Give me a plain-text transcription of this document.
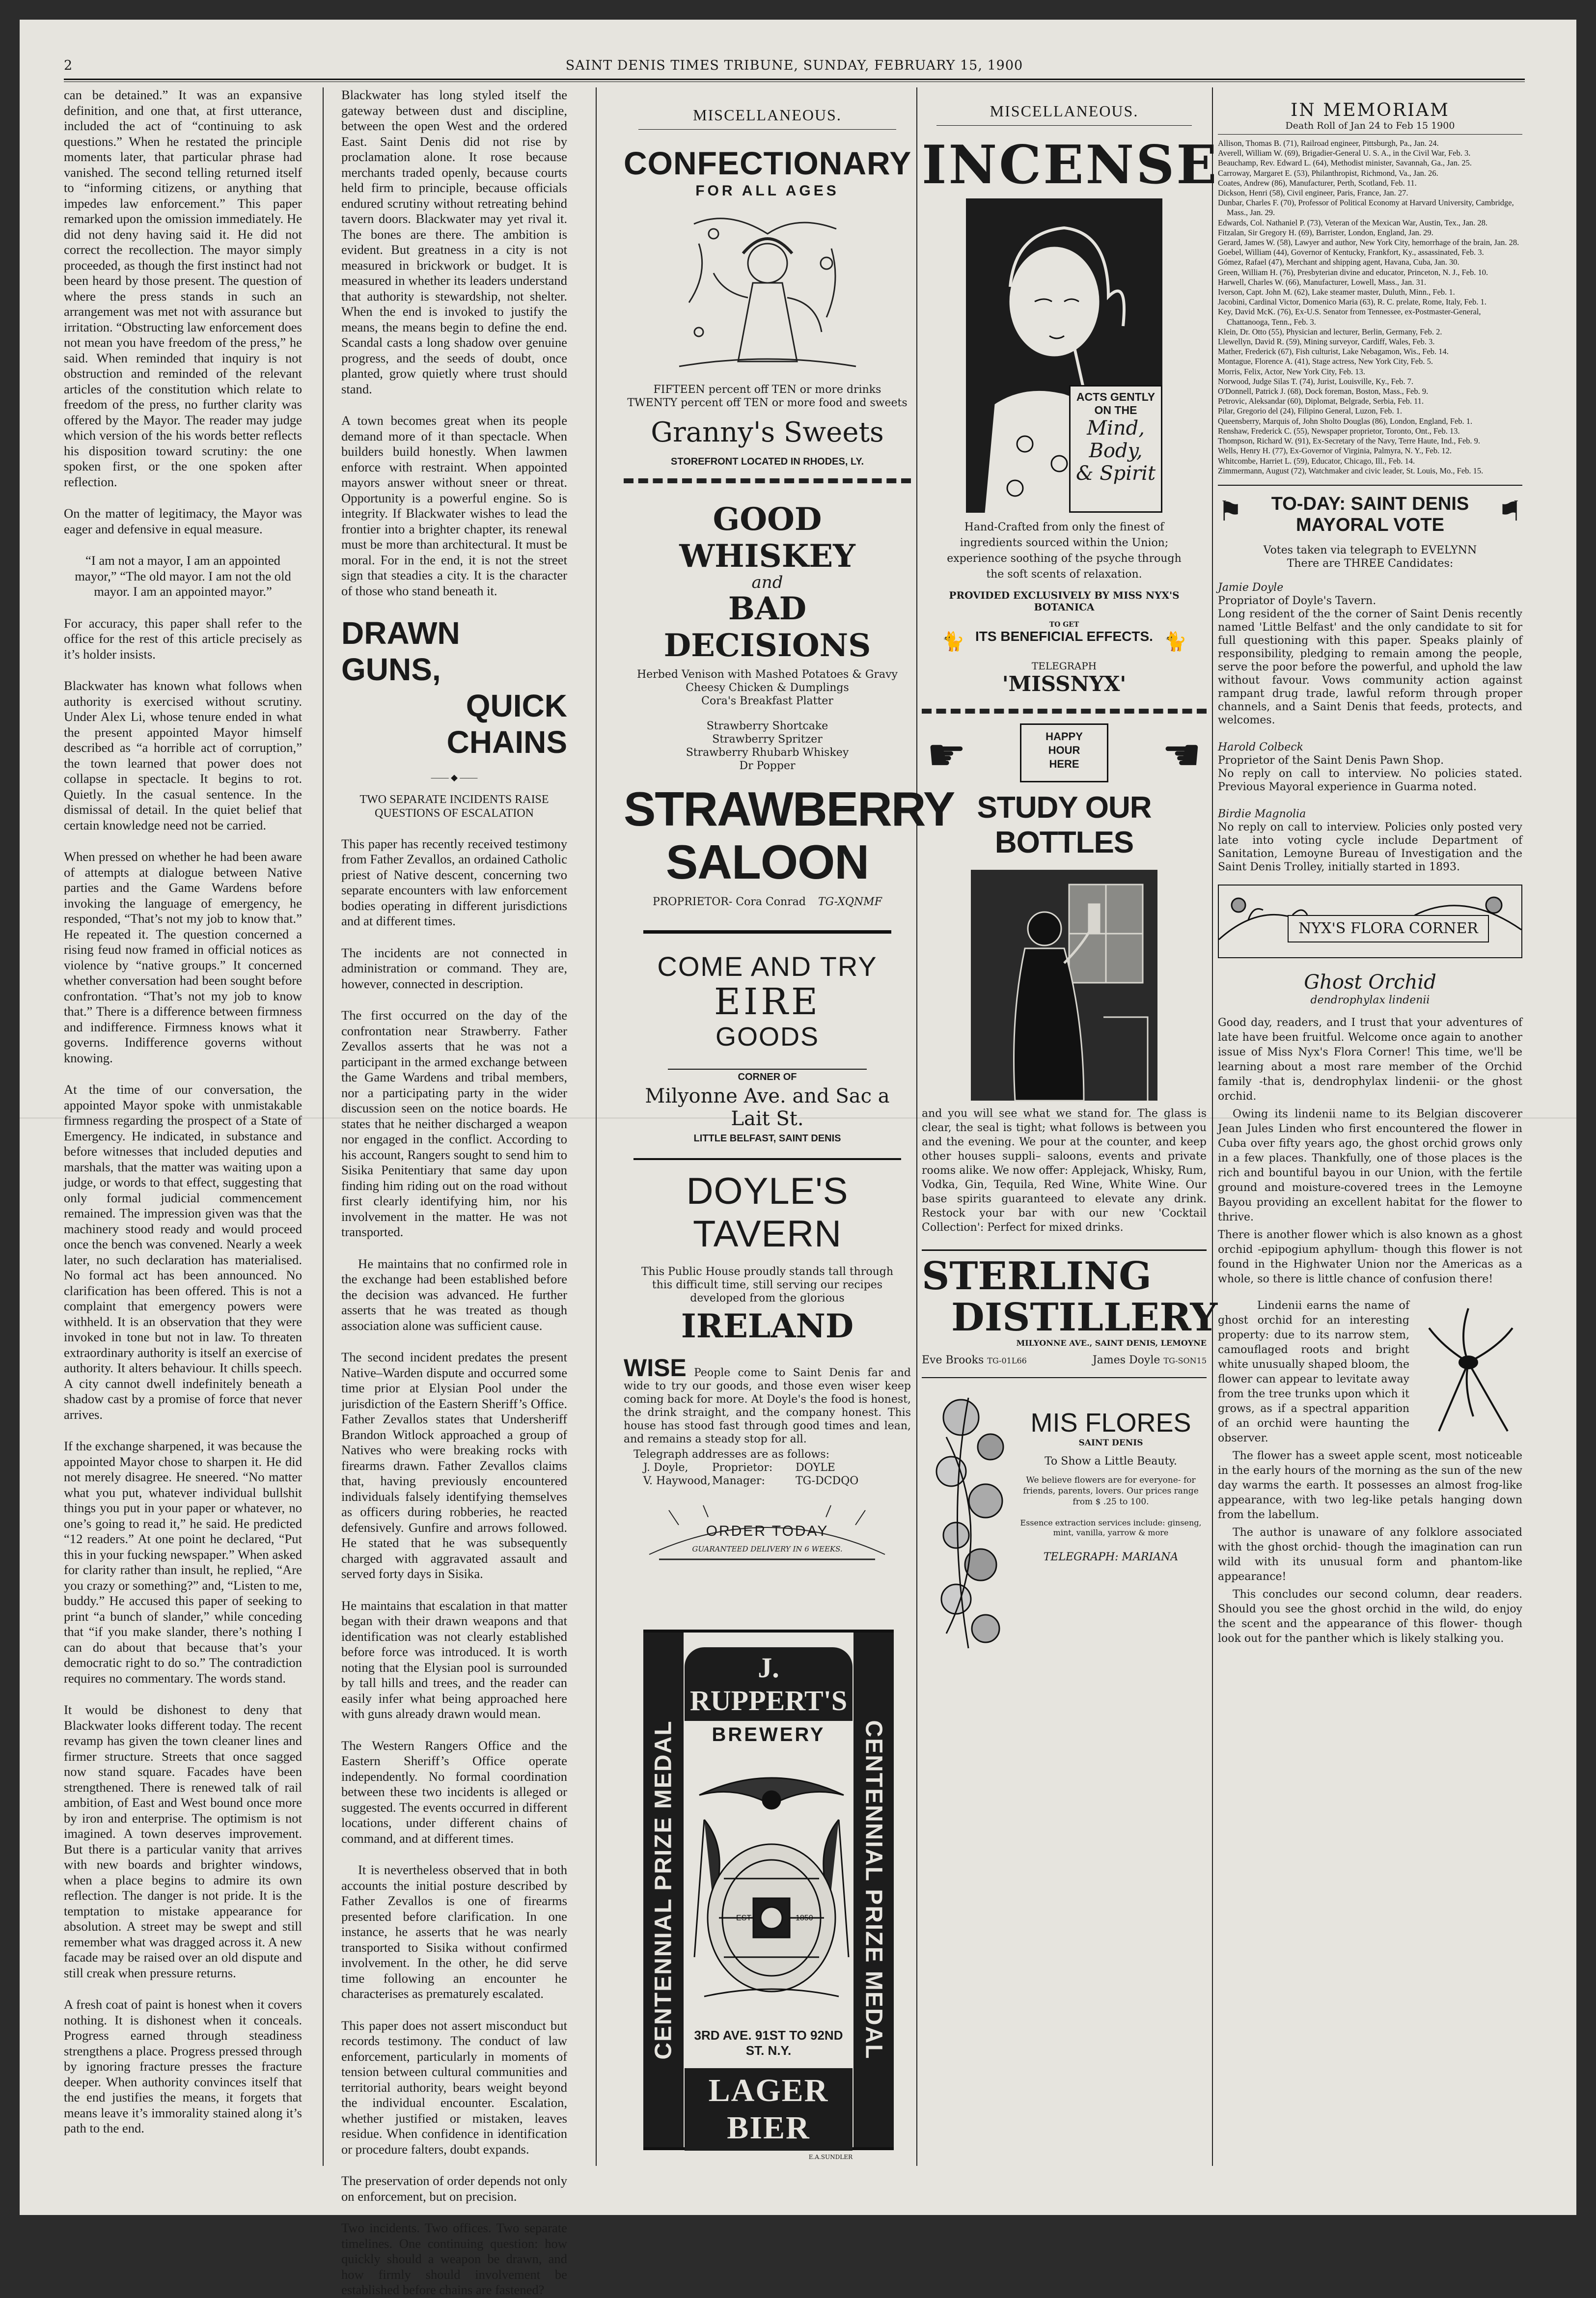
2	SAINT DENIS TIMES TRIBUNE, SUNDAY, FEBRUARY 15, 1900

can be detained.” It was an expansive definition, and one that, at first utterance, included the act of “continuing to ask questions.” When he restated the principle moments later, that particular phrase had vanished. The second telling returned itself to “informing citizens, or anything that impedes law enforcement.” This paper remarked upon the omission immediately. He did not deny having said it. He did not correct the recollection. The mayor simply proceeded, as though the first instinct had not been heard by those present. The question of where the press stands in such an arrangement was met not with assurance but irritation. “Obstructing law enforcement does not mean you have freedom of the press,” he said. When reminded that inquiry is not obstruction and reminded of the relevant articles of the constitution which relate to freedom of the press, no further clarity was offered by the Mayor. The reader may judge which version of the his words better reflects his disposition toward scrutiny: the one spoken first, or the one spoken after reflection.

On the matter of legitimacy, the Mayor was eager and defensive in equal measure.

“I am not a mayor, I am an appointed mayor,” “The old mayor. I am not the old mayor. I am an appointed mayor.”

For accuracy, this paper shall refer to the office for the rest of this article precisely as it’s holder insists.

Blackwater has known what follows when authority is exercised without scrutiny. Under Alex Li, whose tenure ended in what the present appointed Mayor himself described as “a horrible act of corruption,” the town learned that power does not collapse in spectacle. It begins to rot. Quietly. In the casual sentence. In the dismissal of detail. In the quiet belief that certain knowledge need not be carried.

When pressed on whether he had been aware of attempts at dialogue between Native parties and the Game Wardens before invoking the language of emergency, he responded, “That’s not my job to know that.” He repeated it. The question concerned a rising feud now framed in official notices as violence by “native groups.” It concerned whether conversation had been sought before confrontation. “That’s not my job to know that.” There is a difference between firmness and indifference. Firmness knows what it governs. Indifference governs without knowing.

At the time of our conversation, the appointed Mayor spoke with unmistakable firmness regarding the prospect of a State of Emergency. He indicated, in substance and before witnesses that included deputies and marshals, that the matter was waiting upon a judge, or words to that effect, suggesting that only formal judicial commencement remained. The impression given was that the machinery stood ready and would proceed once the bench was convened. Nearly a week later, no such declaration has materialised. No formal act has been announced. No clarification has been offered. This is not a complaint that emergency powers were withheld. It is an observation that they were invoked in tone but not in law. To threaten extraordinary authority is itself an exercise of authority. It alters behaviour. It chills speech. A city cannot dwell indefinitely beneath a shadow cast by a promise of force that never arrives.

If the exchange sharpened, it was because the appointed Mayor chose to sharpen it. He did not merely disagree. He sneered. “No matter what you put, whatever individual bullshit things you put in your paper or whatever, no one’s going to read it,” he said. He predicted “12 readers.” At one point he declared, “Put this in your fucking newspaper.” When asked for clarity rather than insult, he replied, “Are you crazy or something?” and, “Listen to me, buddy.” He accused this paper of seeking to print “a bunch of slander,” while conceding that “if you make slander, there’s nothing I can do about that because that’s your democratic right to do so.” The contradiction requires no commentary. The words stand.

It would be dishonest to deny that Blackwater looks different today. The recent revamp has given the town cleaner lines and firmer structure. Streets that once sagged now stand square. Facades have been strengthened. There is renewed talk of rail ambition, of East and West bound once more by iron and enterprise. The optimism is not imagined. A town deserves improvement. But there is a particular vanity that arrives with new boards and brighter windows, when a place begins to admire its own reflection. The danger is not pride. It is the temptation to mistake appearance for absolution. A street may be swept and still remember what was dragged across it. A new facade may be raised over an old dispute and still creak when pressure returns.

A fresh coat of paint is honest when it covers nothing. It is dishonest when it conceals. Progress earned through steadiness strengthens a place. Progress pressed through by ignoring fracture presses the fracture deeper. When authority convinces itself that the end justifies the means, it forgets that means leave it’s immorality stained along it’s path to the end.

Blackwater has long styled itself the gateway between dust and discipline, between the open West and the ordered East. Saint Denis did not rise by proclamation alone. It rose because merchants traded openly, because courts held firm to principle, because officials endured scrutiny without retreating behind tavern doors. Blackwater may yet rival it. The bones are there. The ambition is evident. But greatness in a city is not measured in brickwork or budget. It is measured in whether its leaders understand that authority is stewardship, not shelter. When the end is invoked to justify the means, the means begin to define the end. Scandal casts a long shadow over genuine progress, and the seeds of doubt, once planted, grow quietly where trust should stand.

A town becomes great when its people demand more of it than spectacle. When builders build honestly. When lawmen enforce with restraint. When appointed mayors answer without sneer or threat. Opportunity is a powerful engine. So is integrity. If Blackwater wishes to lead the frontier into a brighter chapter, its renewal must be more than architectural. It must be moral. For in the end, it is not the street sign that steadies a city. It is the character of those who stand beneath it.

DRAWN GUNS,
QUICK CHAINS
—— ◆ ——

TWO SEPARATE INCIDENTS RAISE QUESTIONS OF ESCALATION

This paper has recently received testimony from Father Zevallos, an ordained Catholic priest of Native descent, concerning two separate encounters with law enforcement bodies operating in different jurisdictions and at different times.

The incidents are not connected in administration or command. They are, however, connected in description.

The first occurred on the day of the confrontation near Strawberry. Father Zevallos asserts that he was not a participant in the armed exchange between the Game Wardens and tribal members, nor a participating party in the wider discussion seen on the notice boards. He states that he neither discharged a weapon nor engaged in the conflict. According to his account, Rangers sought to send him to Sisika Penitentiary that same day upon finding him riding out on the road without first clearly identifying him, nor his involvement in the matter. He was not transported.

He maintains that no confirmed role in the exchange had been established before the decision was advanced. He further asserts that he was treated as though association alone was sufficient cause.

The second incident predates the present Native–Warden dispute and occurred some time prior at Elysian Pool under the jurisdiction of the Eastern Sheriff’s Office. Father Zevallos states that Undersheriff Brandon Witlock approached a group of Natives who were breaking rocks with firearms drawn. Father Zevallos claims that, having previously encountered individuals falsely identifying themselves as officers during robberies, he reacted defensively. Gunfire and arrows followed. He stated that he was subsequently charged with aggravated assault and served forty days in Sisika.

He maintains that escalation in that matter began with their drawn weapons and that identification was not clearly established before force was introduced. It is worth noting that the Elysian pool is surrounded by tall hills and trees, and the reader can easily infer what being approached here with guns already drawn would mean.

The Western Rangers Office and the Eastern Sheriff’s Office operate independently. No formal coordination between these two incidents is alleged or suggested. The events occurred in different locations, under different chains of command, and at different times.

It is nevertheless observed that in both accounts the initial posture described by Father Zevallos is one of firearms presented before clarification. In one instance, he asserts that he was nearly transported to Sisika without confirmed involvement. In the other, he did serve time following an encounter he characterises as prematurely escalated.

This paper does not assert misconduct but records testimony. The conduct of law enforcement, particularly in moments of tension between cultural communities and territorial authority, bears weight beyond the individual encounter. Escalation, whether justified or mistaken, leaves residue. When confidence in identification or procedure falters, doubt expands.

The preservation of order depends not only on enforcement, but on precision.

Two incidents. Two offices. Two separate timelines. One continuing question: how quickly should a weapon be drawn, and how firmly should involvement be established before chains are fastened?

MISCELLANEOUS.
CONFECTIONARY
FOR ALL AGES
FIFTEEN percent off TEN or more drinks
TWENTY percent off TEN or more food and sweets
Granny's Sweets
STOREFRONT LOCATED IN RHODES, LY.
GOOD WHISKEY
and
BAD DECISIONS
Herbed Venison with Mashed Potatoes & Gravy
Cheesy Chicken & Dumplings
Cora's Breakfast Platter
Strawberry Shortcake
Strawberry Spritzer
Strawberry Rhubarb Whiskey
Dr Popper
STRAWBERRY
SALOON
PROPRIETOR- Cora Conrad TG-XQNMF
COME AND TRY
EIRE
GOODS
CORNER OF
Milyonne Ave. and Sac a Lait St.
LITTLE BELFAST, SAINT DENIS
DOYLE'S TAVERN
This Public House proudly stands tall through this difficult time, still serving our recipes developed from the glorious
IRELAND
WISE People come to Saint Denis far and wide to try our goods, and those even wiser keep coming back for more. At Doyle's the food is honest, the drink straight, and the company honest. This house has stood fast through good times and lean, and remains a steady stop for all.
Telegraph addresses are as follows:
J. Doyle,	Proprietor:	DOYLE
V. Haywood, Manager:	TG-DCDQO
ORDER TODAY
GUARANTEED DELIVERY IN 6 WEEKS.
CENTENNIAL PRIZE MEDAL	CENTENNIAL PRIZE MEDAL
J. RUPPERT'S
BREWERY
EST	1850
3RD AVE. 91ST TO 92ND ST. N.Y.
LAGER BIER
E.A.SUNDLER
MISCELLANEOUS.
INCENSE
ACTS GENTLY
ON THE
Mind,
Body,
& Spirit
Hand-Crafted from only the finest of ingredients sourced within the Union; experience soothing of the psyche through the soft scents of relaxation.
PROVIDED EXCLUSIVELY BY MISS NYX'S BOTANICA
🐈
TO GET
ITS BENEFICIAL EFFECTS. 🐈
TELEGRAPH
'MISSNYX'
☛	HAPPY
HOUR
HERE	☛
STUDY OUR BOTTLES
and you will see what we stand for. The glass is clear, the seal is tight; what follows is between you and the evening. We pour at the counter, and keep other houses suppli– saloons, events and private rooms alike. We now offer: Applejack, Whisky, Rum, Vodka, Gin, Tequila, Red Wine, White Wine. Our base spirits guaranteed to elevate any drink. Restock your bar with our new 'Cocktail Collection': Perfect for mixed drinks.
STERLING
DISTILLERY
MILYONNE AVE., SAINT DENIS, LEMOYNE
Eve Brooks TG-01L66	James Doyle TG-SON15
MIS FLORES
SAINT DENIS
To Show a Little Beauty.
We believe flowers are for everyone- for friends, parents, lovers. Our prices range from $ .25 to 100.
Essence extraction services include: ginseng, mint, vanilla, yarrow & more
TELEGRAPH: MARIANA
IN MEMORIAM
Death Roll of Jan 24 to Feb 15 1900
Allison, Thomas B. (71), Railroad engineer, Pittsburgh, Pa., Jan. 24.
Averell, William W. (69), Brigadier-General U. S. A., in the Civil War, Feb. 3.
Beauchamp, Rev. Edward L. (64), Methodist minister, Savannah, Ga., Jan. 25.
Carroway, Margaret E. (53), Philanthropist, Richmond, Va., Jan. 26.
Coates, Andrew (86), Manufacturer, Perth, Scotland, Feb. 11.
Dickson, Henri (58), Civil engineer, Paris, France, Jan. 27.
Dunbar, Charles F. (70), Professor of Political Economy at Harvard University, Cambridge, Mass., Jan. 29.
Edwards, Col. Nathaniel P. (73), Veteran of the Mexican War, Austin, Tex., Jan. 28.
Fitzalan, Sir Gregory H. (69), Barrister, London, England, Jan. 29.
Gerard, James W. (58), Lawyer and author, New York City, hemorrhage of the brain, Jan. 28.
Goebel, William (44), Governor of Kentucky, Frankfort, Ky., assassinated, Feb. 3.
Gómez, Rafael (47), Merchant and shipping agent, Havana, Cuba, Jan. 30.
Green, William H. (76), Presbyterian divine and educator, Princeton, N. J., Feb. 10.
Harwell, Charles W. (66), Manufacturer, Lowell, Mass., Jan. 31.
Iverson, Capt. John M. (62), Lake steamer master, Duluth, Minn., Feb. 1.
Jacobini, Cardinal Victor, Domenico Maria (63), R. C. prelate, Rome, Italy, Feb. 1.
Key, David McK. (76), Ex-U.S. Senator from Tennessee, ex-Postmaster-General, Chattanooga, Tenn., Feb. 3.
Klein, Dr. Otto (55), Physician and lecturer, Berlin, Germany, Feb. 2.
Llewellyn, David R. (59), Mining surveyor, Cardiff, Wales, Feb. 3.
Mather, Frederick (67), Fish culturist, Lake Nebagamon, Wis., Feb. 14.
Montague, Florence A. (41), Stage actress, New York City, Feb. 5.
Morris, Felix, Actor, New York City, Feb. 13.
Norwood, Judge Silas T. (74), Jurist, Louisville, Ky., Feb. 7.
O'Donnell, Patrick J. (68), Dock foreman, Boston, Mass., Feb. 9.
Petrovic, Aleksandar (60), Diplomat, Belgrade, Serbia, Feb. 11.
Pilar, Gregorio del (24), Filipino General, Luzon, Feb. 1.
Queensberry, Marquis of, John Sholto Douglas (86), London, England, Feb. 1.
Renshaw, Frederick C. (55), Newspaper proprietor, Toronto, Ont., Feb. 13.
Thompson, Richard W. (91), Ex-Secretary of the Navy, Terre Haute, Ind., Feb. 9.
Wells, Henry H. (77), Ex-Governor of Virginia, Palmyra, N. Y., Feb. 12.
Whitcombe, Harriet L. (59), Educator, Chicago, Ill., Feb. 14.
Zimmermann, August (72), Watchmaker and civic leader, St. Louis, Mo., Feb. 15.
⚑	TO-DAY: SAINT DENIS
MAYORAL VOTE	⚑
Votes taken via telegraph to EVELYNN
There are THREE Candidates:
Jamie Doyle
Propriator of Doyle's Tavern.
Long resident of the the corner of Saint Denis recently named 'Little Belfast' and the only candidate to sit for full questioning with this paper. Speaks plainly of responsibility, pledging to remain among the people, serve the poor before the powerful, and uphold the law without favour. Vows community action against rampant drug trade, lawful reform through proper channels, and a Saint Denis that feeds, protects, and welcomes.
Harold Colbeck
Proprietor of the Saint Denis Pawn Shop.
No reply on call to interview. No policies stated. Previous Mayoral experience in Guarma noted.
Birdie Magnolia
No reply on call to interview. Policies only posted very late into voting cycle include Department of Sanitation, Lemoyne Bureau of Investigation and the Saint Denis Trolley, initially started in 1893.
NYX'S FLORA CORNER
Ghost Orchid
dendrophylax lindenii

Good day, readers, and I trust that your adventures of late have been fruitful. Welcome once again to another issue of Miss Nyx's Flora Corner! This time, we'll be learning about a most rare member of the Orchid family -that is, dendrophylax lindenii- or the ghost orchid.

Owing its lindenii name to its Belgian discoverer Jean Jules Linden who first encountered the flower in Cuba over fifty years ago, the ghost orchid grows only in a few places. Thankfully, one of those places is the rich and bountiful bayou in our Union, with the fertile ground and moisture-covered trees in the Lemoyne Bayou providing an excellent habitat for the flower to thrive.

There is another flower which is also known as a ghost orchid -epipogium aphyllum- though this flower is not found in the Highwater Union nor the Americas as a whole, so there is little chance of confusion there!

Lindenii earns the name of ghost orchid for an interesting property: due to its narrow stem, camouflaged roots and bright white unusually shaped bloom, the flower can appear to levitate away from the tree trunks upon which it grows, as if a spectral apparition of an orchid were haunting the observer.

The flower has a sweet apple scent, most noticeable in the early hours of the morning as the sun of the new day warms the earth. It possesses an almost frog-like appearance, with two leg-like petals hanging down from the labellum.

The author is unaware of any folklore associated with the ghost orchid- though the imagination can run wild with its unusual form and phantom-like appearance!

This concludes our second column, dear readers. Should you see the ghost orchid in the wild, do enjoy the scent and the appearance of this flower- though look out for the panther which is likely stalking you.
